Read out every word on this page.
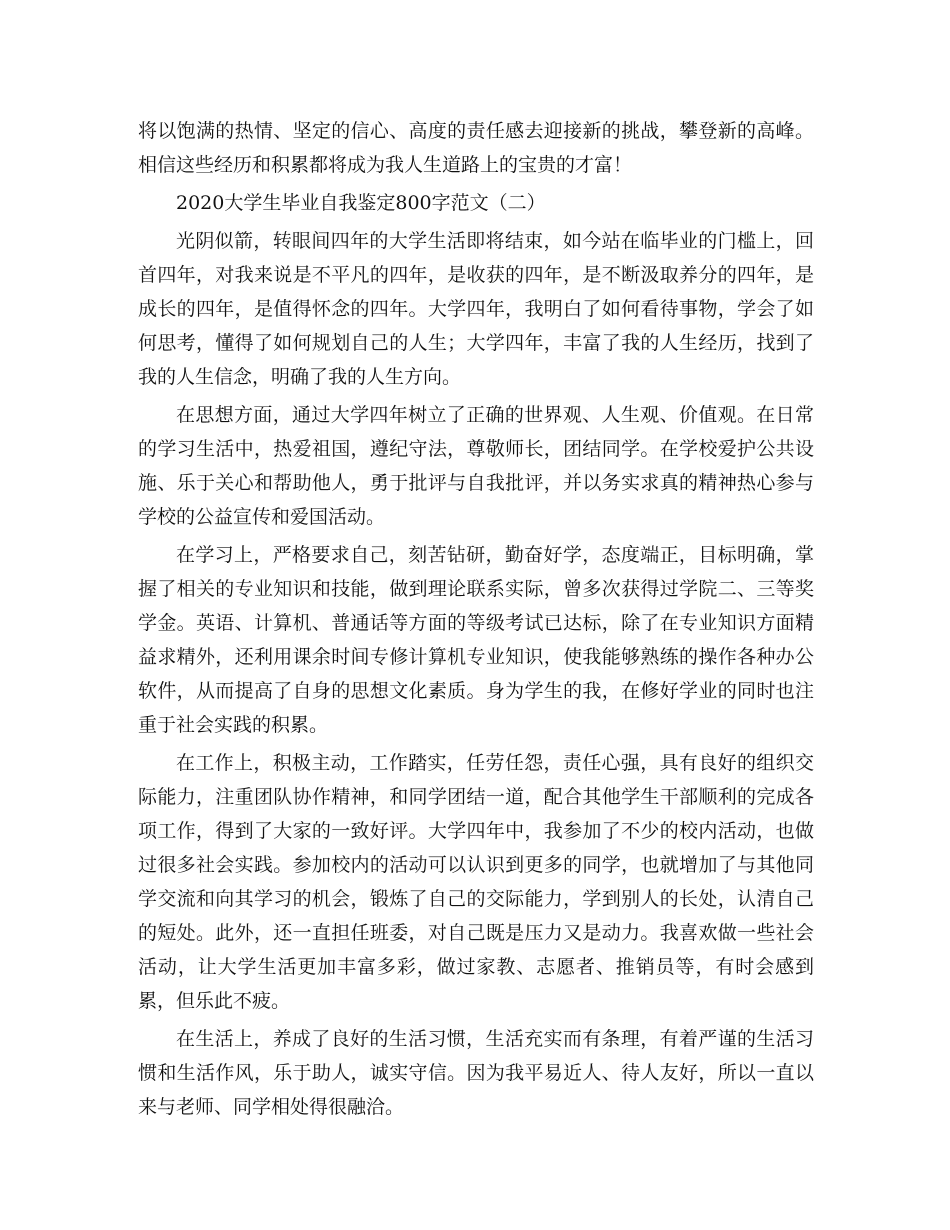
将以饱满的热情、坚定的信心、高度的责任感去迎接新的挑战，攀登新的高峰。相信这些经历和积累都将成为我人生道路上的宝贵的才富！

2020大学生毕业自我鉴定800字范文（二）

光阴似箭，转眼间四年的大学生活即将结束，如今站在临毕业的门槛上，回首四年，对我来说是不平凡的四年，是收获的四年，是不断汲取养分的四年，是成长的四年，是值得怀念的四年。大学四年，我明白了如何看待事物，学会了如何思考，懂得了如何规划自己的人生；大学四年，丰富了我的人生经历，找到了我的人生信念，明确了我的人生方向。

在思想方面，通过大学四年树立了正确的世界观、人生观、价值观。在日常的学习生活中，热爱祖国，遵纪守法，尊敬师长，团结同学。在学校爱护公共设施、乐于关心和帮助他人，勇于批评与自我批评，并以务实求真的精神热心参与学校的公益宣传和爱国活动。

在学习上，严格要求自己，刻苦钻研，勤奋好学，态度端正，目标明确，掌握了相关的专业知识和技能，做到理论联系实际，曾多次获得过学院二、三等奖学金。英语、计算机、普通话等方面的等级考试已达标，除了在专业知识方面精益求精外，还利用课余时间专修计算机专业知识，使我能够熟练的操作各种办公软件，从而提高了自身的思想文化素质。身为学生的我，在修好学业的同时也注重于社会实践的积累。

在工作上，积极主动，工作踏实，任劳任怨，责任心强，具有良好的组织交际能力，注重团队协作精神，和同学团结一道，配合其他学生干部顺利的完成各项工作，得到了大家的一致好评。大学四年中，我参加了不少的校内活动，也做过很多社会实践。参加校内的活动可以认识到更多的同学，也就增加了与其他同学交流和向其学习的机会，锻炼了自己的交际能力，学到别人的长处，认清自己的短处。此外，还一直担任班委，对自己既是压力又是动力。我喜欢做一些社会活动，让大学生活更加丰富多彩，做过家教、志愿者、推销员等，有时会感到累，但乐此不疲。

在生活上，养成了良好的生活习惯，生活充实而有条理，有着严谨的生活习惯和生活作风，乐于助人，诚实守信。因为我平易近人、待人友好，所以一直以来与老师、同学相处得很融洽。
